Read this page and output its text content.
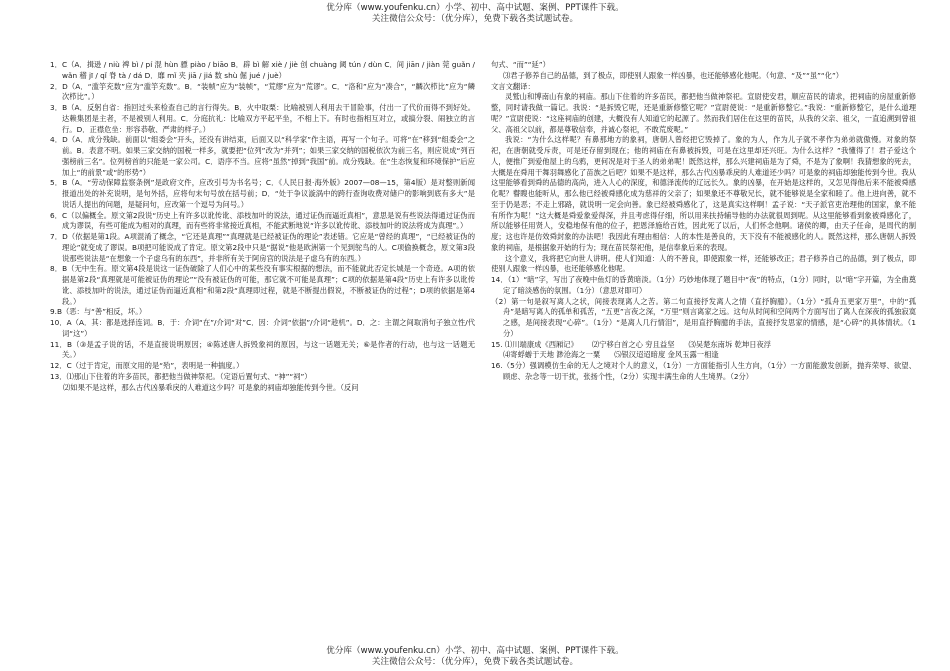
优分库（www.youfenku.cn）小学、初中、高中试题、案例、PPT课件下载。
关注微信公众号：（优分库），免费下载各类试题试卷。

1．C（A．揖逊 / niù 裨 bì / pí 混 hùn 骠 piào / biāo B．辟 bì 解 xiè / jiè 创 chuàng 阈 tún / dùn C．间 jiān / jiàn 莞 guǎn / wǎn 稽 jī / qǐ 脊 tà / dá D．靡 mǐ 夹 jiā / jiá 数 shù 倔 jué / juè）

2．D（A．“滥竽充数”应为“滥竽充数”。B．“装帧”应为“装帧”，“荒缪”应为“荒谬”。C．“洛和”应为“凑合”，“麟次栉比”应为“鳞次栉比”。）

3．B（A．反躬自省：指回过头来检查自己的言行得失。B．火中取栗：比喻被别人利用去干冒险事，付出一了代价而得不到好处。达赖集团是主者，不是被别人利用。C．分庭抗礼：比喻双方平起平坐，不相上下。有时也指相互对立，或搞分裂、闹独立的言行。D．正襟危坐：形容恭敬、严肃的样子。）

4．D（A．成分残缺。前面以“组委会”开头，还没有讲结束，后面又以“科学家”作主语，再写一个句子。可将“在”移到“组委会”之前。B．表意不明。如果三家交纳的国税一样多，就要把“位列”改为“并列”；如果三家交纳的国税依次为前三名，则应说成“列百强榜前三名”。位列榜首的只能是一家公司。C．语序不当。应将“虽然”掉到“我国”前。成分残缺。在“生态恢复和环境保护”后应加上“的前景”或“的形势”）

5．B（A．“劳动保障监察条例”是政府文件，应改引号为书名号；C．《人民日报·海外版》2007—08—15，第4版）是对整则新闻报道出处的补充说明，是句外括，应将句末句号放在括号前；D．“处于争议漩涡中的跨行查询收费对储户的影响到底有多大”是说话人提出的问题，是疑问句，应改第一个逗号为问号。）

6．C（以偏概全。原文第2段说“历史上有许多以讹传讹、添枝加叶的说法，通过证伪而逼近真相”，意思是说有些说法得通过证伪而成为谬误，有些可能成为相对的真理，而有些将非常接近真相，不能武断地说“许多以讹传讹、添枝加叶的说法将成为真理”。）

7．D（依据是第1段。A项混淆了概念，“它还是真理”“真理就是已经被证伪的理论”表述错。它应是“曾经的真理”，“已经被证伪的理论”就变成了谬误。B项把可能说成了肯定。原文第2段中只是“据说”他是欧洲第一个见到鸵鸟的人。C项偷换概念，原文第3段说那些说法是“在想象一个子虚乌有的东西”，并非所有关于阿房宫的说法是子虚乌有的东西。）

8．B（无中生有。原文第4段是说这一证伪破除了人们心中的某些没有事实根据的想法，而不能就此否定长城是一个奇迹。A项的依据是第2段“真理就是可能被证伪的理论”“没有被证伪的可能，那它就不可能是真理”；C项的依据是第4段“历史上有许多以讹传讹、添枝加叶的说法，通过证伪而逼近真相”和第2段“真理即过程，就是不断提出假说，不断被证伪的过程”；D项的依据是第4段。）

9.B（恶：与“善”相反，坏。）

10．A（A．其：都是选择连词。B．于：介词“在”/介词“对”C．因：介词“依据”/介词“趁机”。D．之：主谓之间取消句子独立性/代词“这”）

11．B（③是孟子说的话，不是直接说明原因；④陈述唐人拆毁象祠的原因，与这一话题无关；⑥是作者的行动，也与这一话题无关。）

12．C（过于肯定，而原文用的是“殆”，表明是一种揣度。）

13．⑴那山下住着的许多苗民，都把他当做神祭祀。（定语后置句式、“神”“祠”）

⑵如果不是这样，那么古代凶暴乖戾的人难道这少吗？可是象的祠庙却独能传到今世。（反问

句式、“而”“延”）

⑶君子修养自己的品德，到了极点，即使别人跟象一样凶暴，也还能够感化他呢。（句意、“及”“虽”“化”）

文言文翻译：

灵鹫山和博南山有象的祠庙。那山下住着的许多苗民，都把他当做神祭祀。宣尉使安君，顺应苗民的请求，把祠庙的房屋重新修整，同时请我做一篇记。我说：“是拆毁它呢，还是重新修整它呢？”宣尉使说：“是重新修整它。”我说：“重新修整它，是什么道理呢？”宣尉使说：“这座祠庙的创建，大概没有人知道它的起源了。然而我们居住在这里的苗民，从我的父亲、祖父，一直追溯到曾祖父、高祖父以前，都是尊敬信奉，并诚心祭祀，不敢荒废呢。”

我说：“为什么这样呢？有鼻那地方的象祠，唐朝人曾经把它毁掉了。象的为人，作为儿子就不孝作为弟弟就傲慢。对象的祭祀，在唐朝就受斥责，可是还存留到现在；他的祠庙在有鼻被拆毁，可是在这里却还兴旺。为什么这样？”我懂得了！君子爱这个人，便推广到爱他屋上的乌鸦，更何况是对于圣人的弟弟呢！既然这样，那么兴建祠庙是为了舜，不是为了象啊！我猜想象的死去，大概是在舜用干舞羽舞感化了苗族之后吧？如果不是这样，那么古代凶暴乖戾的人难道还少吗？可是象的祠庙却独能传到今世。我从这里能够看到舜的品德的高尚，进入人心的深度，和德泽流传的辽远长久。象的凶暴，在开始是这样的，又怎见得他后来不能被舜感化呢？瞽瞍也能听从，那么他已经被舜感化成为慈祥的父亲了；如果象还不尊敬兄长，就不能够说是全家和睦了。他上进向善，就不至于仍是恶；不走上邪路，就说明一定会向善。象已经被舜感化了，这是真实这样啊！孟子说：“天子派官吏治理他的国家，象不能有所作为呢！”这大概是舜爱象爱得深，并且考虑得仔细，所以用来扶持辅导他的办法就很周到呢。从这里能够看到象被舜感化了，所以能够任用贤人，安稳地保有他的位子，把恩泽施给百姓，因此死了以后，人们怀念他啊。诸侯的卿，由天子任命，是周代的制度；这也许是仿效舜封象的办法吧！我因此有理由相信：人的本性是善良的，天下没有不能被感化的人。既然这样，那么唐朝人拆毁象的祠庙，是根据象开始的行为；现在苗民祭祀他，是信奉象后来的表现。

这个意义，我将把它向世人讲明。使人们知道：人的不善良，即使跟象一样，还能够改正；君子修养自己的品德，到了极点，即使别人跟象一样凶暴，也还能够感化他呢。

14．（1）“暗”字，写出了夜晚中鱼灯的昏黄暗淡。（1分）巧妙地体现了题目中“夜”的特点，（1分）同时，以“暗”字开篇，为全曲奠定了暗淡感伤的氛围。（1分）（意思对即可）

（2）第一句是叙写离人之状，间接表现离人之苦。第二句直接抒发离人之情（直抒胸臆）。（1分）“孤舟五更家万里”，中的“孤舟”是暗写离人的孤单和孤苦，“五更”言夜之深，“万里”则言离家之远。这句从时间和空间两个方面写出了离人在深夜的孤独寂寞之感，是间接表现“心碎”。（1分）“是离人几行情泪”，是用直抒胸臆的手法，直接抒发思家的情感，是“心碎”的具体情状。（1分）

15. ⑴川端康成《西厢记》 ⑵宁移白首之心 穷且益坚 ⑶吴楚东南坼 乾坤日夜浮
⑷寄蜉蝣于天地 渺沧海之一粟 ⑸银汉迢迢暗度 金风玉露一相逢

16.（5分）强调模仿生命的无人之境对个人的意义，（1分）一方面能指引人生方向，（1分）一方面能激发创新，抛弃荣辱、欲望、顾虑、杂念等一切干扰，张扬个性，（2分）实现丰满生命的人生境界。（2分）

优分库（www.youfenku.cn）小学、初中、高中试题、案例、PPT课件下载。
关注微信公众号：（优分库），免费下载各类试题试卷。
